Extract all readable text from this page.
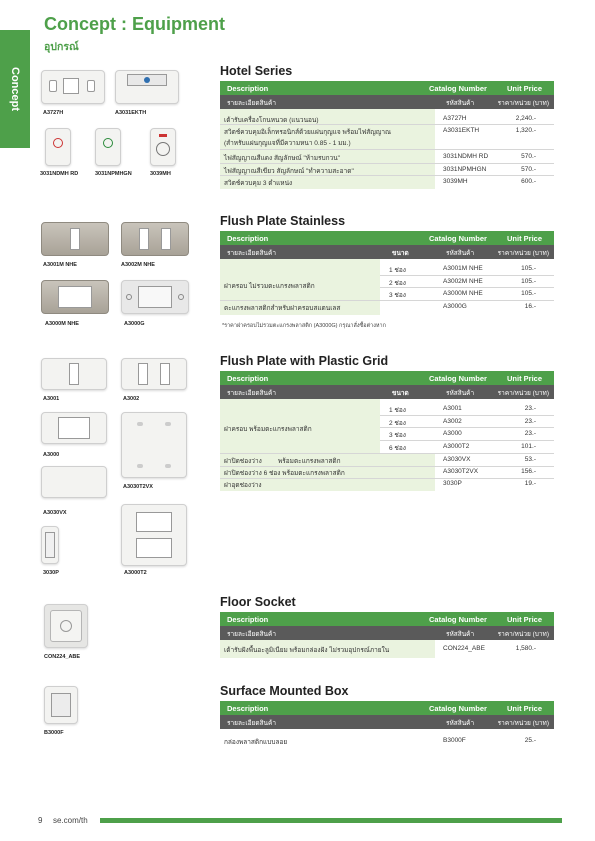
Concept
Concept : Equipment
อุปกรณ์
A3727H	A3031EKTH
3031NDMH RD	3031NPMHGN	3039MH
Hotel Series
Description	Catalog Number	Unit Price
รายละเอียดสินค้า	รหัสสินค้า	ราคา/หน่วย (บาท)
เต้ารับเครื่องโกนหนวด (แนวนอน)	A3727H	2,240.-
สวิตช์ควบคุมอิเล็กทรอนิกส์ด้วยแผ่นกุญแจ พร้อมไฟสัญญาณ	A3031EKTH	1,320.-
(สำหรับแผ่นกุญแจที่มีความหนา 0.85 - 1 มม.)
ไฟสัญญาณสีแดง สัญลักษณ์ "ห้ามรบกวน"	3031NDMH RD	570.-
ไฟสัญญาณสีเขียว สัญลักษณ์ "ทำความสะอาด"	3031NPMHGN	570.-
สวิตช์ควบคุม 3 ตำแหน่ง	3039MH	600.-
A3001M NHE	A3002M NHE
A3000M NHE	A3000G
Flush Plate Stainless
Description	Catalog Number	Unit Price
รายละเอียดสินค้า	ขนาด	รหัสสินค้า	ราคา/หน่วย (บาท)
ฝาครอบ ไม่รวมตะแกรงพลาสติก
1 ช่อง	A3001M NHE	105.-
2 ช่อง	A3002M NHE	105.-
3 ช่อง	A3000M NHE	105.-
ตะแกรงพลาสติกสำหรับฝาครอบสแตนเลส	A3000G	16.-
*ราคาฝาครอบไม่รวมตะแกรงพลาสติก (A3000G) กรุณาสั่งซื้อต่างหาก
A3001	A3002
A3000
A3030T2VX
A3030VX
3030P	A3000T2
Flush Plate with Plastic Grid
Description	Catalog Number	Unit Price
รายละเอียดสินค้า	ขนาด	รหัสสินค้า	ราคา/หน่วย (บาท)
ฝาครอบ พร้อมตะแกรงพลาสติก
1 ช่อง	A3001	23.-
2 ช่อง	A3002	23.-
3 ช่อง	A3000	23.-
6 ช่อง	A3000T2	101.-
ฝาปิดช่องว่าง พร้อมตะแกรงพลาสติก	A3030VX	53.-
ฝาปิดช่องว่าง 6 ช่อง พร้อมตะแกรงพลาสติก	A3030T2VX	156.-
ฝาอุดช่องว่าง	3030P	19.-
CON224_ABE
Floor Socket
Description	Catalog Number	Unit Price
รายละเอียดสินค้า	รหัสสินค้า	ราคา/หน่วย (บาท)
เต้ารับฝังพื้นอะลูมิเนียม พร้อมกล่องฝัง ไม่รวมอุปกรณ์ภายใน	CON224_ABE	1,580.-
B3000F
Surface Mounted Box
Description	Catalog Number	Unit Price
รายละเอียดสินค้า	รหัสสินค้า	ราคา/หน่วย (บาท)
กล่องพลาสติกแบบลอย	B3000F	25.-
9 se.com/th
